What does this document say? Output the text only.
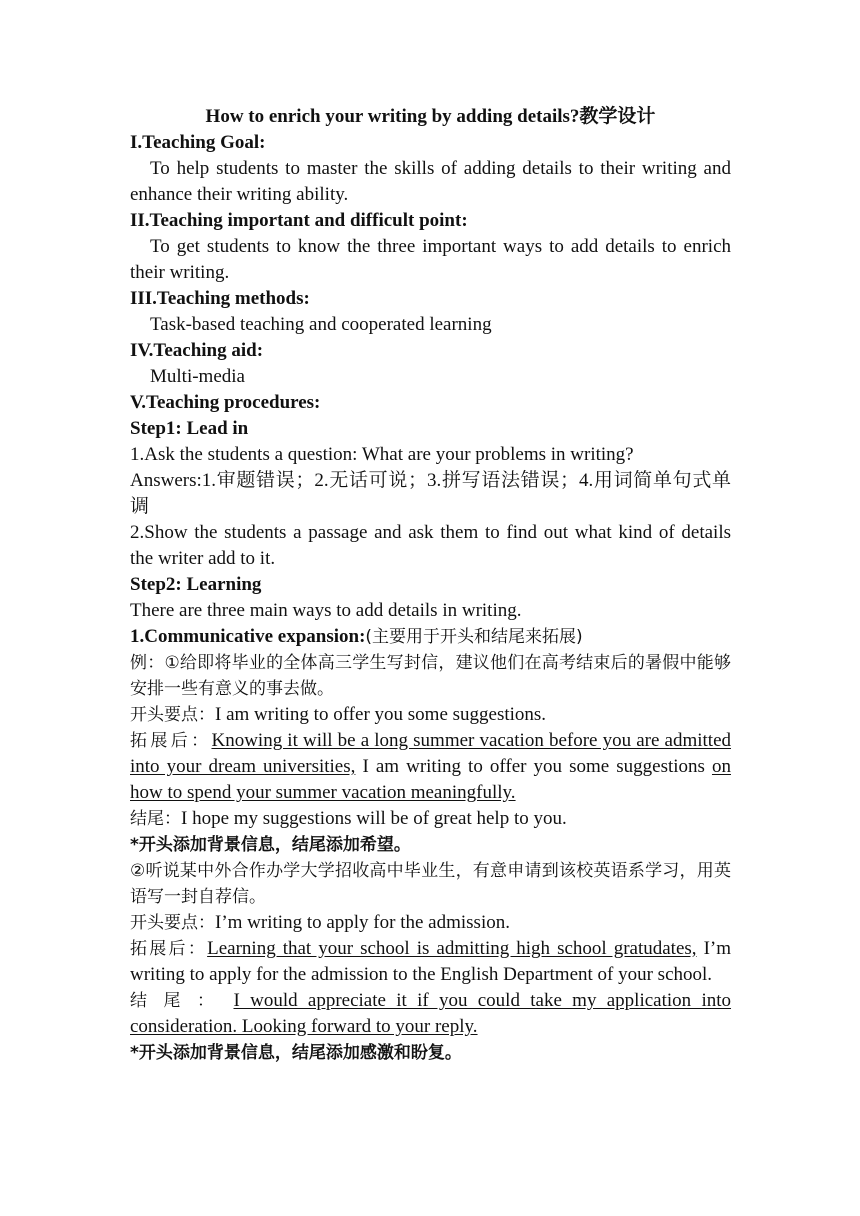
How to enrich your writing by adding details?教学设计
I.Teaching Goal:
To help students to master the skills of adding details to their writing and enhance their writing ability.
II.Teaching important and difficult point:
To get students to know the three important ways to add details to enrich their writing.
III.Teaching methods:
Task-based teaching and cooperated learning
IV.Teaching aid:
Multi-media
V.Teaching procedures:
Step1: Lead in
1.Ask the students a question: What are your problems in writing?
Answers:1.审题错误；2.无话可说；3.拼写语法错误；4.用词简单句式单调
2.Show the students a passage and ask them to find out what kind of details the writer add to it.
Step2: Learning
There are three main ways to add details in writing.
1.Communicative expansion:(主要用于开头和结尾来拓展)
例：①给即将毕业的全体高三学生写封信，建议他们在高考结束后的暑假中能够安排一些有意义的事去做。
开头要点：I am writing to offer you some suggestions.
拓展后：Knowing it will be a long summer vacation before you are admitted into your dream universities, I am writing to offer you some suggestions on how to spend your summer vacation meaningfully.
结尾：I hope my suggestions will be of great help to you.
*开头添加背景信息，结尾添加希望。
②听说某中外合作办学大学招收高中毕业生，有意申请到该校英语系学习，用英语写一封自荐信。
开头要点：I’m writing to apply for the admission.
拓展后：Learning that your school is admitting high school gratudates, I’m writing to apply for the admission to the English Department of your school.
结 尾 ： I would appreciate it if you could take my application into consideration. Looking forward to your reply.
*开头添加背景信息，结尾添加感激和盼复。
